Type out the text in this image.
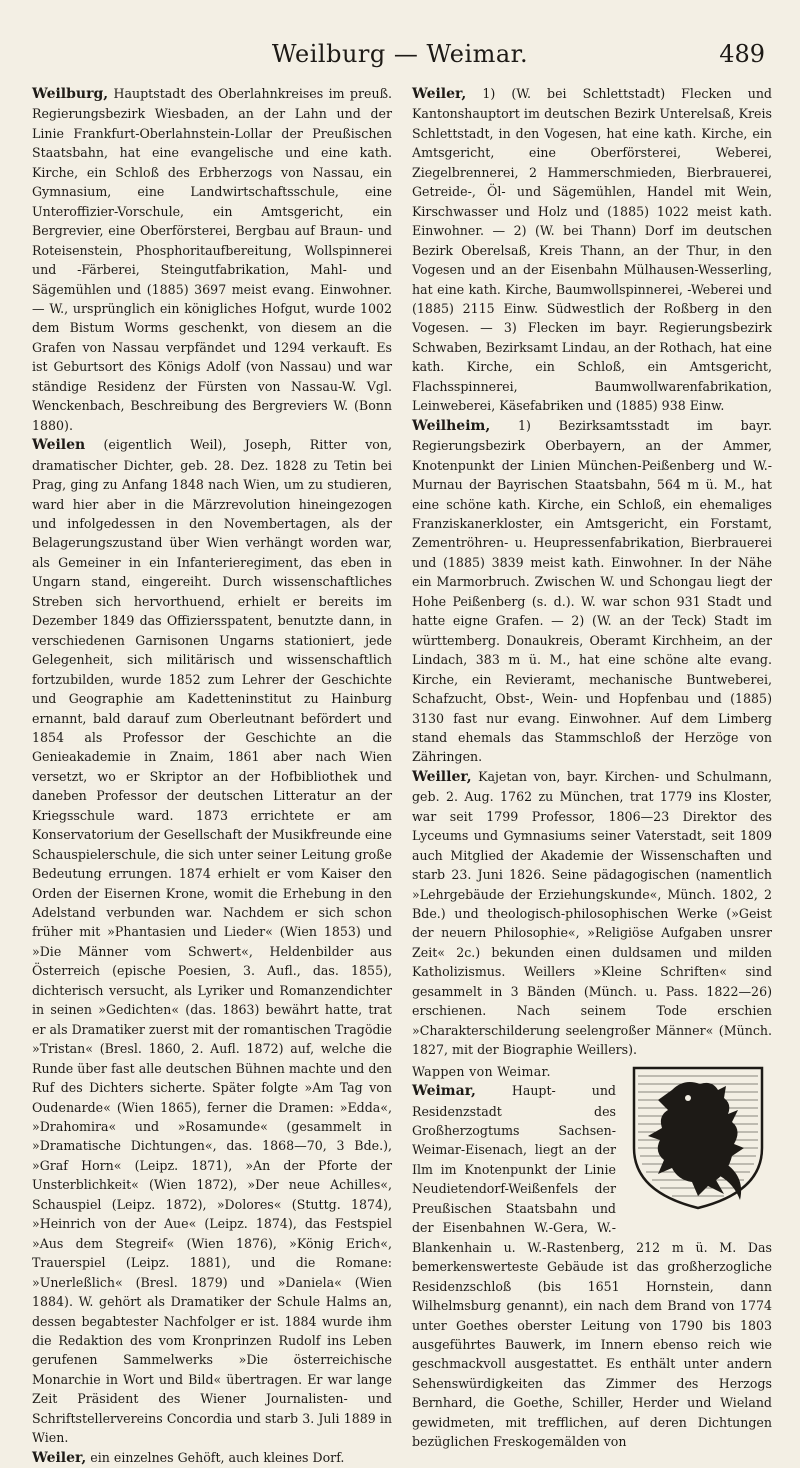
Weilburg — Weimar.	489

Weilburg, Hauptstadt des Oberlahnkreises im preuß. Regierungsbezirk Wiesbaden, an der Lahn und der Linie Frankfurt-Oberlahnstein-Lollar der Preußischen Staatsbahn, hat eine evangelische und eine kath. Kirche, ein Schloß des Erbherzogs von Nassau, ein Gymnasium, eine Landwirtschaftsschule, eine Unteroffizier-Vorschule, ein Amtsgericht, ein Bergrevier, eine Oberförsterei, Bergbau auf Braun- und Roteisenstein, Phosphoritaufbereitung, Wollspinnerei und -Färberei, Steingutfabrikation, Mahl- und Sägemühlen und (1885) 3697 meist evang. Einwohner. — W., ursprünglich ein königliches Hofgut, wurde 1002 dem Bistum Worms geschenkt, von diesem an die Grafen von Nassau verpfändet und 1294 verkauft. Es ist Geburtsort des Königs Adolf (von Nassau) und war ständige Residenz der Fürsten von Nassau-W. Vgl. Wenckenbach, Beschreibung des Bergreviers W. (Bonn 1880).

Weilen (eigentlich Weil), Joseph, Ritter von, dramatischer Dichter, geb. 28. Dez. 1828 zu Tetin bei Prag, ging zu Anfang 1848 nach Wien, um zu studieren, ward hier aber in die Märzrevolution hineingezogen und infolgedessen in den Novembertagen, als der Belagerungszustand über Wien verhängt worden war, als Gemeiner in ein Infanterieregiment, das eben in Ungarn stand, eingereiht. Durch wissenschaftliches Streben sich hervorthuend, erhielt er bereits im Dezember 1849 das Offiziersspatent, benutzte dann, in verschiedenen Garnisonen Ungarns stationiert, jede Gelegenheit, sich militärisch und wissenschaftlich fortzubilden, wurde 1852 zum Lehrer der Geschichte und Geographie am Kadetteninstitut zu Hainburg ernannt, bald darauf zum Oberleutnant befördert und 1854 als Professor der Geschichte an die Genieakademie in Znaim, 1861 aber nach Wien versetzt, wo er Skriptor an der Hofbibliothek und daneben Professor der deutschen Litteratur an der Kriegsschule ward. 1873 errichtete er am Konservatorium der Gesellschaft der Musikfreunde eine Schauspielerschule, die sich unter seiner Leitung große Bedeutung errungen. 1874 erhielt er vom Kaiser den Orden der Eisernen Krone, womit die Erhebung in den Adelstand verbunden war. Nachdem er sich schon früher mit »Phantasien und Lieder« (Wien 1853) und »Die Männer vom Schwert«, Heldenbilder aus Österreich (epische Poesien, 3. Aufl., das. 1855), dichterisch versucht, als Lyriker und Romanzendichter in seinen »Gedichten« (das. 1863) bewährt hatte, trat er als Dramatiker zuerst mit der romantischen Tragödie »Tristan« (Bresl. 1860, 2. Aufl. 1872) auf, welche die Runde über fast alle deutschen Bühnen machte und den Ruf des Dichters sicherte. Später folgte »Am Tag von Oudenarde« (Wien 1865), ferner die Dramen: »Edda«, »Drahomira« und »Rosamunde« (gesammelt in »Dramatische Dichtungen«, das. 1868—70, 3 Bde.), »Graf Horn« (Leipz. 1871), »An der Pforte der Unsterblichkeit« (Wien 1872), »Der neue Achilles«, Schauspiel (Leipz. 1872), »Dolores« (Stuttg. 1874), »Heinrich von der Aue« (Leipz. 1874), das Festspiel »Aus dem Stegreif« (Wien 1876), »König Erich«, Trauerspiel (Leipz. 1881), und die Romane: »Unerleßlich« (Bresl. 1879) und »Daniela« (Wien 1884). W. gehört als Dramatiker der Schule Halms an, dessen begabtester Nachfolger er ist. 1884 wurde ihm die Redaktion des vom Kronprinzen Rudolf ins Leben gerufenen Sammelwerks »Die österreichische Monarchie in Wort und Bild« übertragen. Er war lange Zeit Präsident des Wiener Journalisten- und Schriftstellervereins Concordia und starb 3. Juli 1889 in Wien.

Weiler, ein einzelnes Gehöft, auch kleines Dorf.

Weiler, 1) (W. bei Schlettstadt) Flecken und Kantonshauptort im deutschen Bezirk Unterelsaß, Kreis Schlettstadt, in den Vogesen, hat eine kath. Kirche, ein Amtsgericht, eine Oberförsterei, Weberei, Ziegelbrennerei, 2 Hammerschmieden, Bierbrauerei, Getreide-, Öl- und Sägemühlen, Handel mit Wein, Kirschwasser und Holz und (1885) 1022 meist kath. Einwohner. — 2) (W. bei Thann) Dorf im deutschen Bezirk Oberelsaß, Kreis Thann, an der Thur, in den Vogesen und an der Eisenbahn Mülhausen-Wesserling, hat eine kath. Kirche, Baumwollspinnerei, -Weberei und (1885) 2115 Einw. Südwestlich der Roßberg in den Vogesen. — 3) Flecken im bayr. Regierungsbezirk Schwaben, Bezirksamt Lindau, an der Rothach, hat eine kath. Kirche, ein Schloß, ein Amtsgericht, Flachsspinnerei, Baumwollwarenfabrikation, Leinweberei, Käsefabriken und (1885) 938 Einw.

Weilheim, 1) Bezirksamtsstadt im bayr. Regierungsbezirk Oberbayern, an der Ammer, Knotenpunkt der Linien München-Peißenberg und W.-Murnau der Bayrischen Staatsbahn, 564 m ü. M., hat eine schöne kath. Kirche, ein Schloß, ein ehemaliges Franziskanerkloster, ein Amtsgericht, ein Forstamt, Zementröhren- u. Heupressenfabrikation, Bierbrauerei und (1885) 3839 meist kath. Einwohner. In der Nähe ein Marmorbruch. Zwischen W. und Schongau liegt der Hohe Peißenberg (s. d.). W. war schon 931 Stadt und hatte eigne Grafen. — 2) (W. an der Teck) Stadt im württemberg. Donaukreis, Oberamt Kirchheim, an der Lindach, 383 m ü. M., hat eine schöne alte evang. Kirche, ein Revieramt, mechanische Buntweberei, Schafzucht, Obst-, Wein- und Hopfenbau und (1885) 3130 fast nur evang. Einwohner. Auf dem Limberg stand ehemals das Stammschloß der Herzöge von Zähringen.

Weiller, Kajetan von, bayr. Kirchen- und Schulmann, geb. 2. Aug. 1762 zu München, trat 1779 ins Kloster, war seit 1799 Professor, 1806—23 Direktor des Lyceums und Gymnasiums seiner Vaterstadt, seit 1809 auch Mitglied der Akademie der Wissenschaften und starb 23. Juni 1826. Seine pädagogischen (namentlich »Lehrgebäude der Erziehungskunde«, Münch. 1802, 2 Bde.) und theologisch-philosophischen Werke (»Geist der neuern Philosophie«, »Religiöse Aufgaben unsrer Zeit« 2c.) bekunden einen duldsamen und milden Katholizismus. Weillers »Kleine Schriften« sind gesammelt in 3 Bänden (Münch. u. Pass. 1822—26) erschienen. Nach seinem Tode erschien »Charakterschilderung seelengroßer Männer« (Münch. 1827, mit der Biographie Weillers).

Wappen von Weimar.
Weimar, Haupt- und Residenzstadt des Großherzogtums Sachsen-Weimar-Eisenach, liegt an der Ilm im Knotenpunkt der Linie Neudietendorf-Weißenfels der Preußischen Staatsbahn und der Eisenbahnen W.-Gera, W.-Blankenhain u. W.-Rastenberg, 212 m ü. M. Das bemerkenswerteste Gebäude ist das großherzogliche Residenzschloß (bis 1651 Hornstein, dann Wilhelmsburg genannt), ein nach dem Brand von 1774 unter Goethes oberster Leitung von 1790 bis 1803 ausgeführtes Bauwerk, im Innern ebenso reich wie geschmackvoll ausgestattet. Es enthält unter andern Sehenswürdigkeiten das Zimmer des Herzogs Bernhard, die Goethe, Schiller, Herder und Wieland gewidmeten, mit trefflichen, auf deren Dichtungen bezüglichen Freskogemälden von
